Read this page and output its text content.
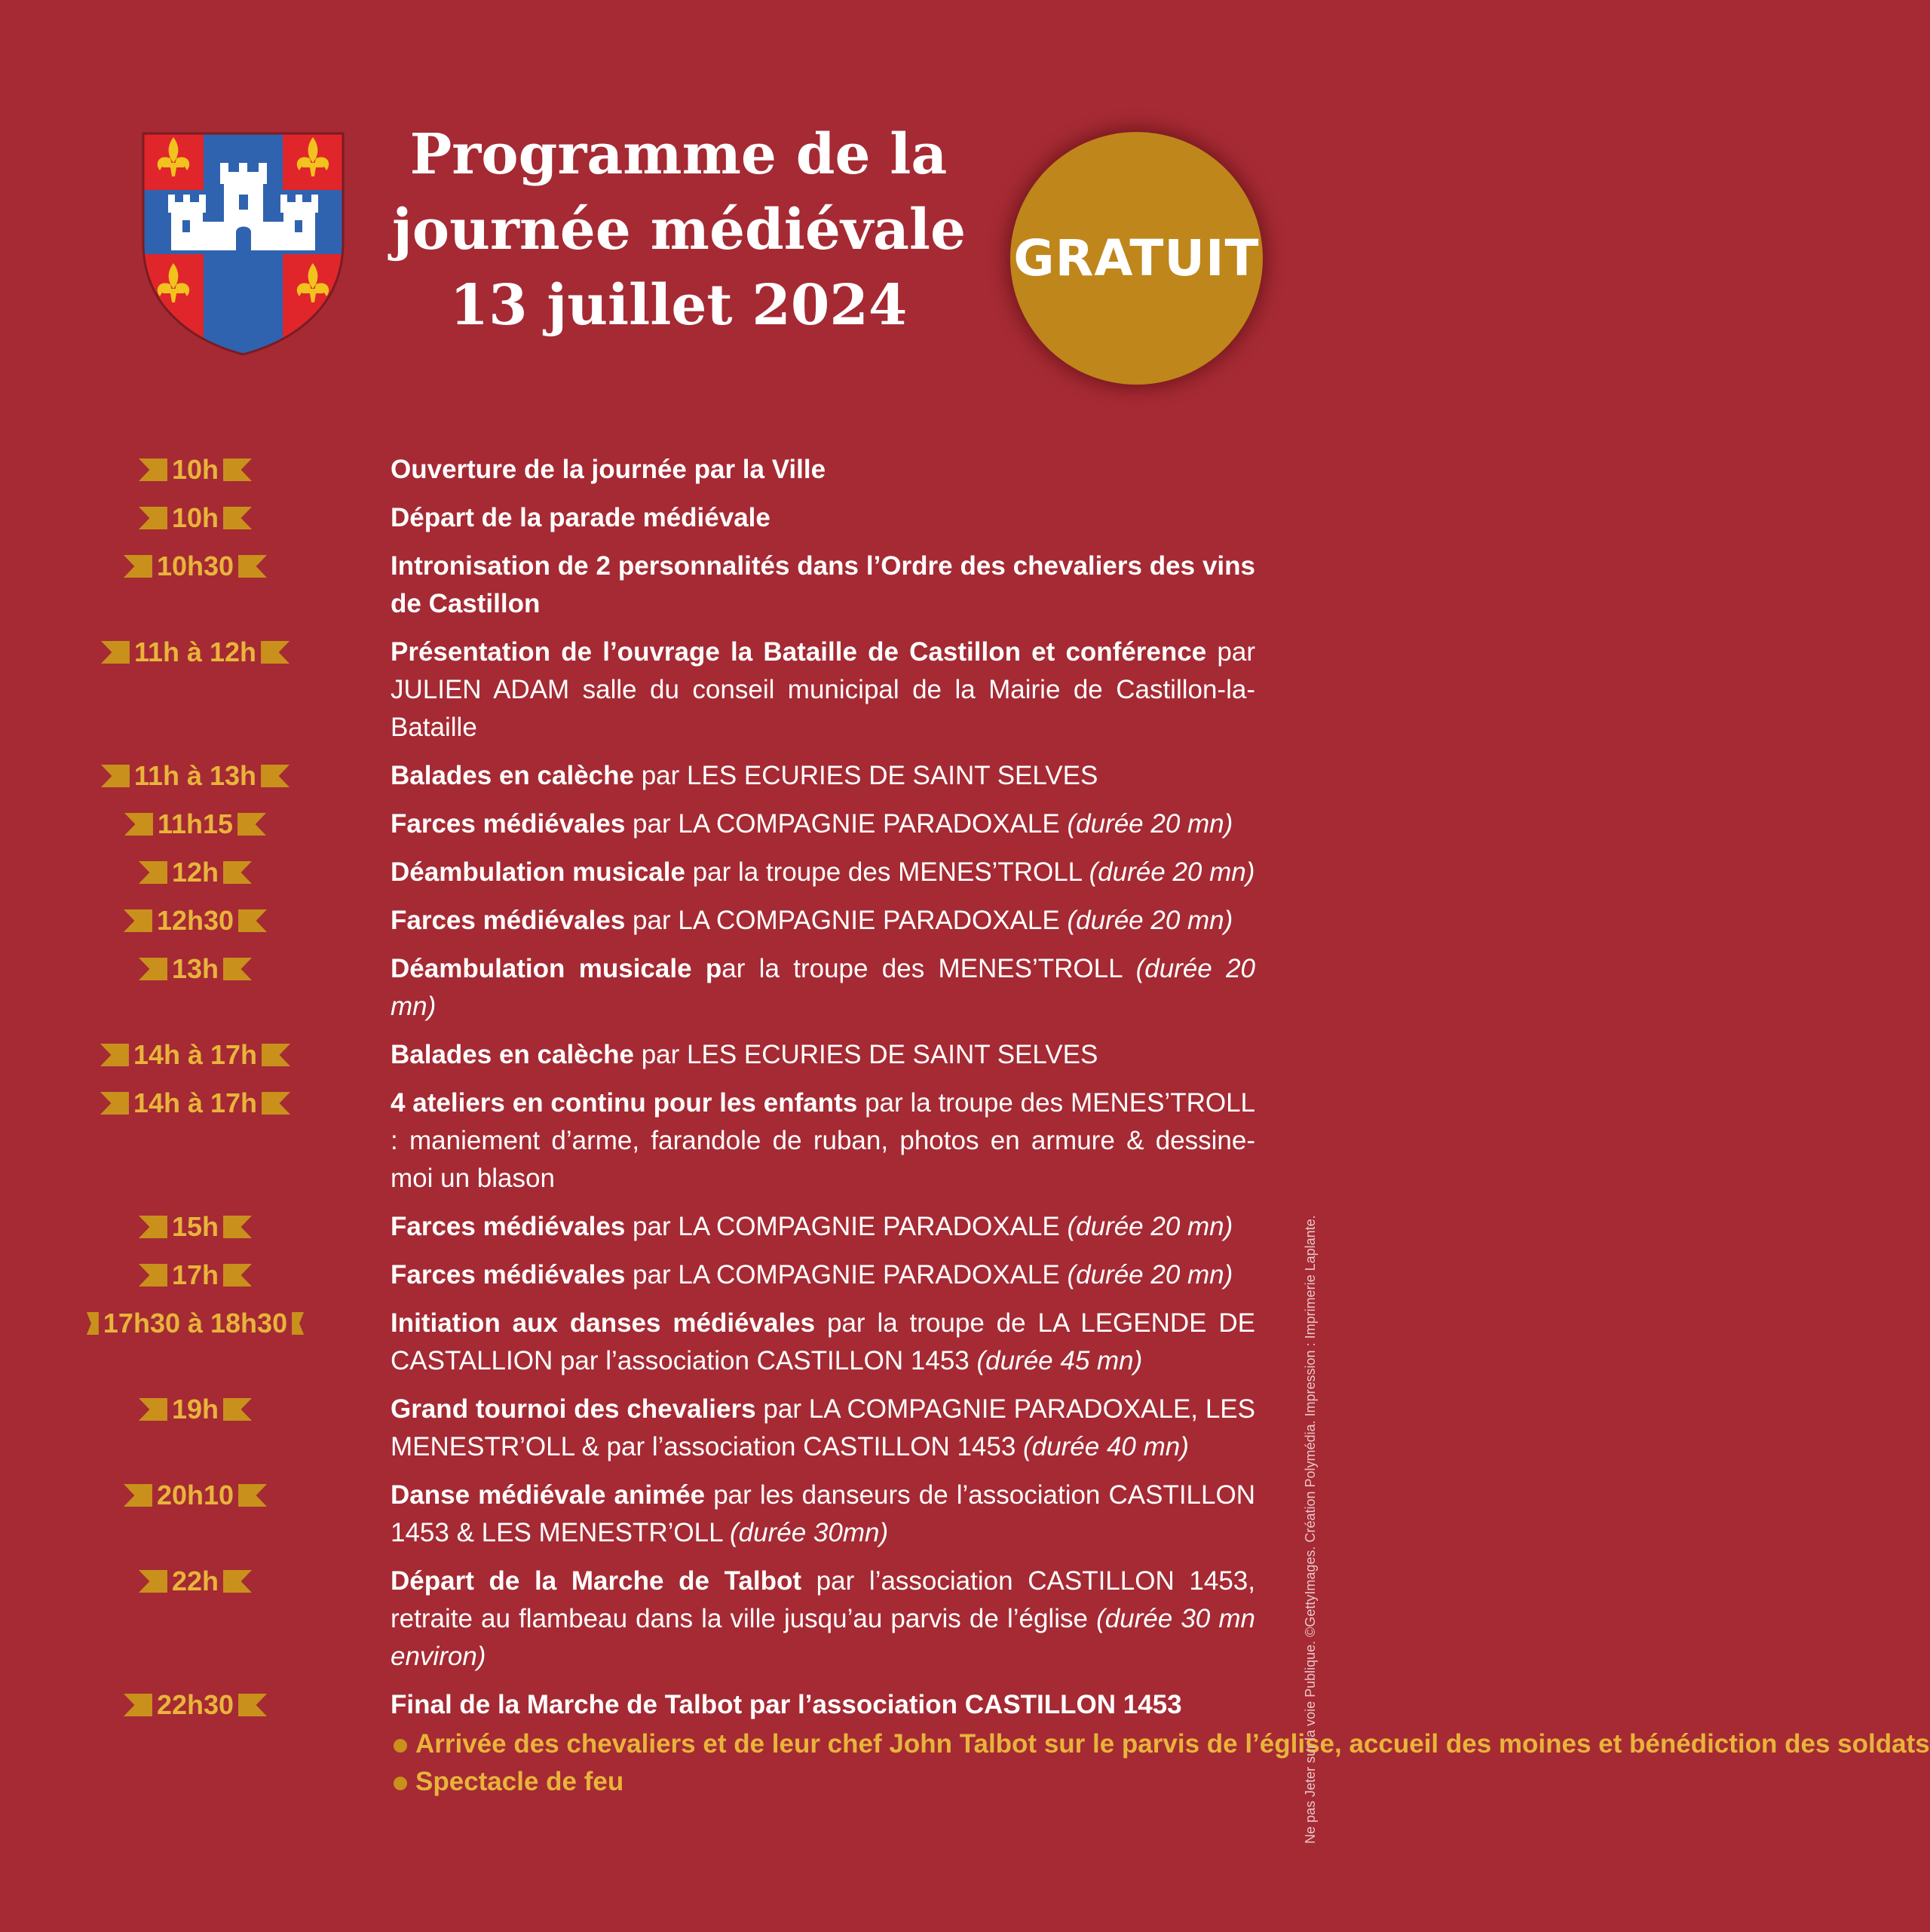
Programme de la
journée médiévale
13 juillet 2024
GRATUIT
10h	Ouverture de la journée par la Ville
10h	Départ de la parade médiévale
10h30	Intronisation de 2 personnalités dans l’Ordre des chevaliers des vins de Castillon
11h à 12h	Présentation de l’ouvrage la Bataille de Castillon et conférence par JULIEN ADAM salle du conseil municipal de la Mairie de Castillon-la-Bataille
11h à 13h	Balades en calèche par LES ECURIES DE SAINT SELVES
11h15	Farces médiévales par LA COMPAGNIE PARADOXALE (durée 20 mn)
12h	Déambulation musicale par la troupe des MENES’TROLL (durée 20 mn)
12h30	Farces médiévales par LA COMPAGNIE PARADOXALE (durée 20 mn)
13h	Déambulation musicale par la troupe des MENES’TROLL (durée 20 mn)
14h à 17h	Balades en calèche par LES ECURIES DE SAINT SELVES
14h à 17h	4 ateliers en continu pour les enfants par la troupe des MENES’TROLL : maniement d’arme, farandole de ruban, photos en armure & dessine-moi un blason
15h	Farces médiévales par LA COMPAGNIE PARADOXALE (durée 20 mn)
17h	Farces médiévales par LA COMPAGNIE PARADOXALE (durée 20 mn)
17h30 à 18h30	Initiation aux danses médiévales par la troupe de LA LEGENDE DE CASTALLION par l’association CASTILLON 1453 (durée 45 mn)
19h	Grand tournoi des chevaliers par LA COMPAGNIE PARADOXALE, LES MENESTR’OLL & par l’association CASTILLON 1453 (durée 40 mn)
20h10	Danse médiévale animée par les danseurs de l’association CASTILLON 1453 & LES MENESTR’OLL (durée 30mn)
22h	Départ de la Marche de Talbot par l’association CASTILLON 1453, retraite au flambeau dans la ville jusqu’au parvis de l’église (durée 30 mn environ)
22h30	Final de la Marche de Talbot par l’association CASTILLON 1453
Arrivée des chevaliers et de leur chef John Talbot sur le parvis de l’église, accueil des moines et bénédiction des soldats
Spectacle de feu	Ne pas Jeter sur la voie Publique. ©GettyImages. Création Polymédia. Impression : Imprimerie Laplante.
